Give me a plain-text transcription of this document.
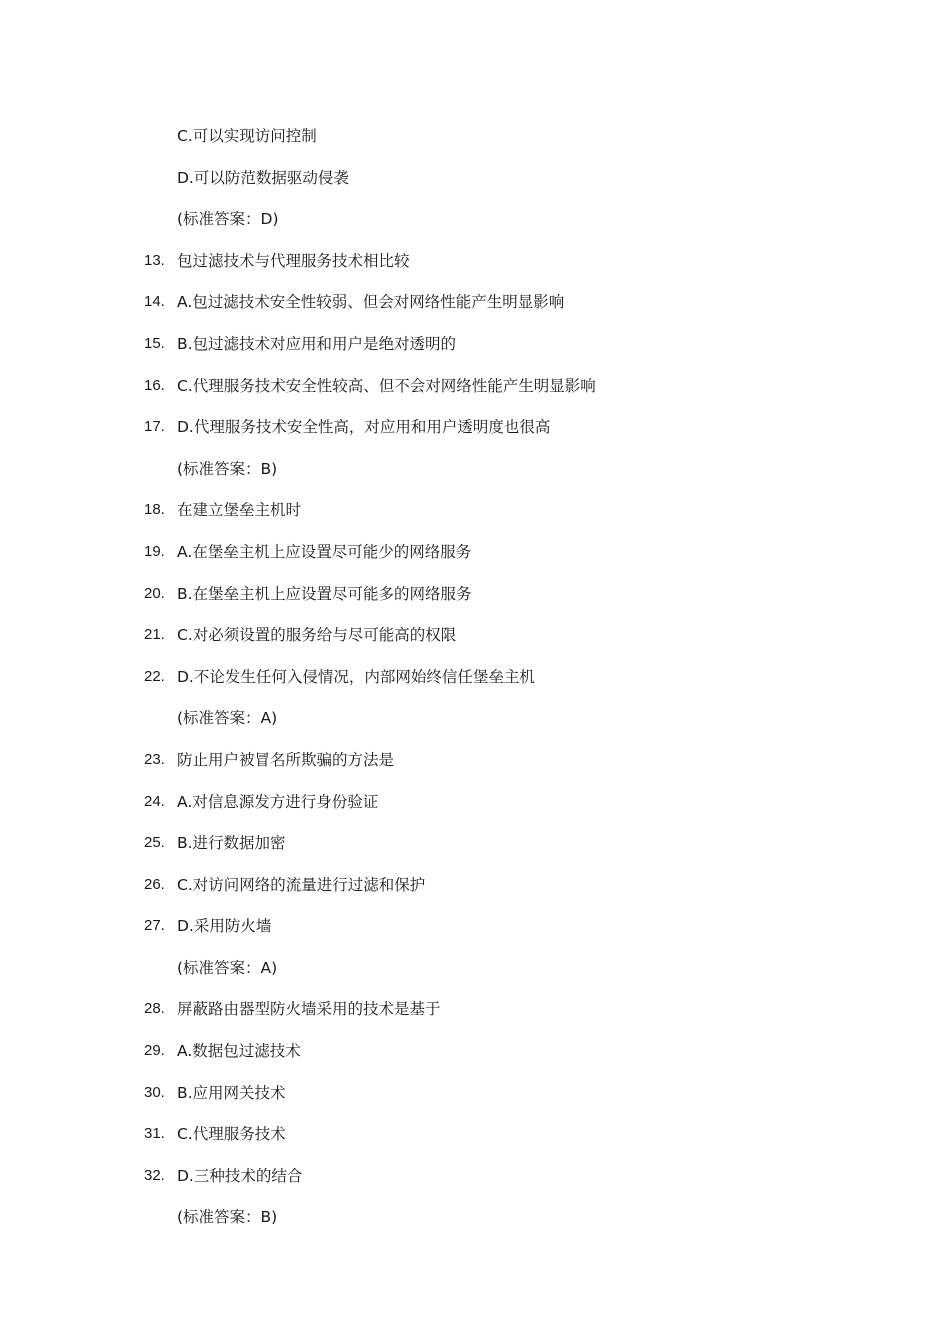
C.可以实现访问控制
D.可以防范数据驱动侵袭
(标准答案：D)
13. 包过滤技术与代理服务技术相比较
14. A.包过滤技术安全性较弱、但会对网络性能产生明显影响
15. B.包过滤技术对应用和用户是绝对透明的
16. C.代理服务技术安全性较高、但不会对网络性能产生明显影响
17. D.代理服务技术安全性高，对应用和用户透明度也很高
(标准答案：B)
18. 在建立堡垒主机时
19. A.在堡垒主机上应设置尽可能少的网络服务
20. B.在堡垒主机上应设置尽可能多的网络服务
21. C.对必须设置的服务给与尽可能高的权限
22. D.不论发生任何入侵情况，内部网始终信任堡垒主机
(标准答案：A)
23. 防止用户被冒名所欺骗的方法是
24. A.对信息源发方进行身份验证
25. B.进行数据加密
26. C.对访问网络的流量进行过滤和保护
27. D.采用防火墙
(标准答案：A)
28. 屏蔽路由器型防火墙采用的技术是基于
29. A.数据包过滤技术
30. B.应用网关技术
31. C.代理服务技术
32. D.三种技术的结合
(标准答案：B)
